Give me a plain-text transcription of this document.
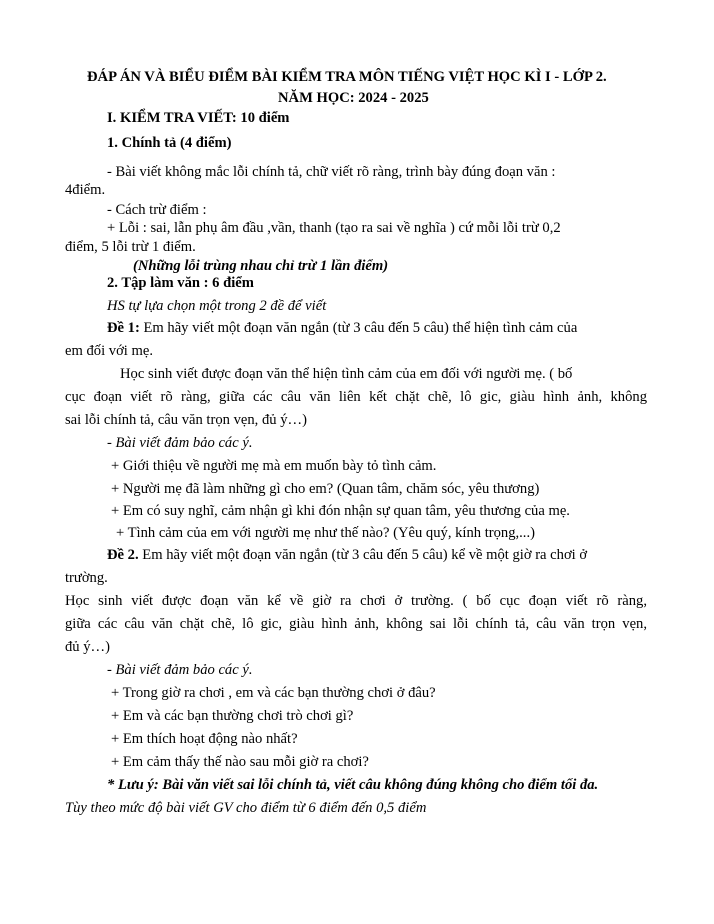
ĐÁP ÁN VÀ BIỂU ĐIỂM BÀI KIỂM TRA MÔN TIẾNG VIỆT HỌC KÌ I - LỚP 2.
NĂM HỌC: 2024 - 2025
I. KIỂM TRA VIẾT: 10 điểm
1. Chính tả (4 điểm)
- Bài viết không mắc lỗi chính tả, chữ viết rõ ràng, trình bày đúng đoạn văn :
4điểm.
- Cách trừ điểm :
+ Lỗi : sai, lẫn phụ âm đầu ,vần, thanh (tạo ra sai về nghĩa ) cứ mỗi lỗi trừ 0,2
điểm, 5 lỗi trừ 1 điểm.
(Những lỗi trùng nhau chỉ trừ 1 lần điểm)
2. Tập làm văn : 6 điểm
HS tự lựa chọn một trong 2 đề để viết
Đề 1: Em hãy viết một đoạn văn ngắn (từ 3 câu đến 5 câu) thể hiện tình cảm của
em đối với mẹ.
Học sinh viết được đoạn văn thể hiện tình cảm của em đối với người mẹ. ( bố
cục đoạn viết rõ ràng, giữa các câu văn liên kết chặt chẽ, lô gic, giàu hình ảnh, không
sai lỗi chính tả, câu văn trọn vẹn, đủ ý…)
- Bài viết đảm bảo các ý.
+ Giới thiệu về người mẹ mà em muốn bày tỏ tình cảm.
+ Người mẹ đã làm những gì cho em? (Quan tâm, chăm sóc, yêu thương)
+ Em có suy nghĩ, cảm nhận gì khi đón nhận sự quan tâm, yêu thương của mẹ.
+ Tình cảm của em với người mẹ như thế nào? (Yêu quý, kính trọng,...)
Đề 2. Em hãy viết một đoạn văn ngắn (từ 3 câu đến 5 câu) kể về một giờ ra chơi ở
trường.
Học sinh viết được đoạn văn kể về giờ ra chơi ở trường. ( bố cục đoạn viết rõ ràng,
giữa các câu văn chặt chẽ, lô gic, giàu hình ảnh, không sai lỗi chính tả, câu văn trọn vẹn,
đủ ý…)
- Bài viết đảm bảo các ý.
+ Trong giờ ra chơi , em và các bạn thường chơi ở đâu?
+ Em và các bạn thường chơi trò chơi gì?
+ Em thích hoạt động nào nhất?
+ Em cảm thấy thế nào sau mỗi giờ ra chơi?
* Lưu ý: Bài văn viết sai lỗi chính tả, viết câu không đúng không cho điểm tối đa.
Tùy theo mức độ bài viết GV cho điểm từ 6 điểm đến 0,5 điểm
